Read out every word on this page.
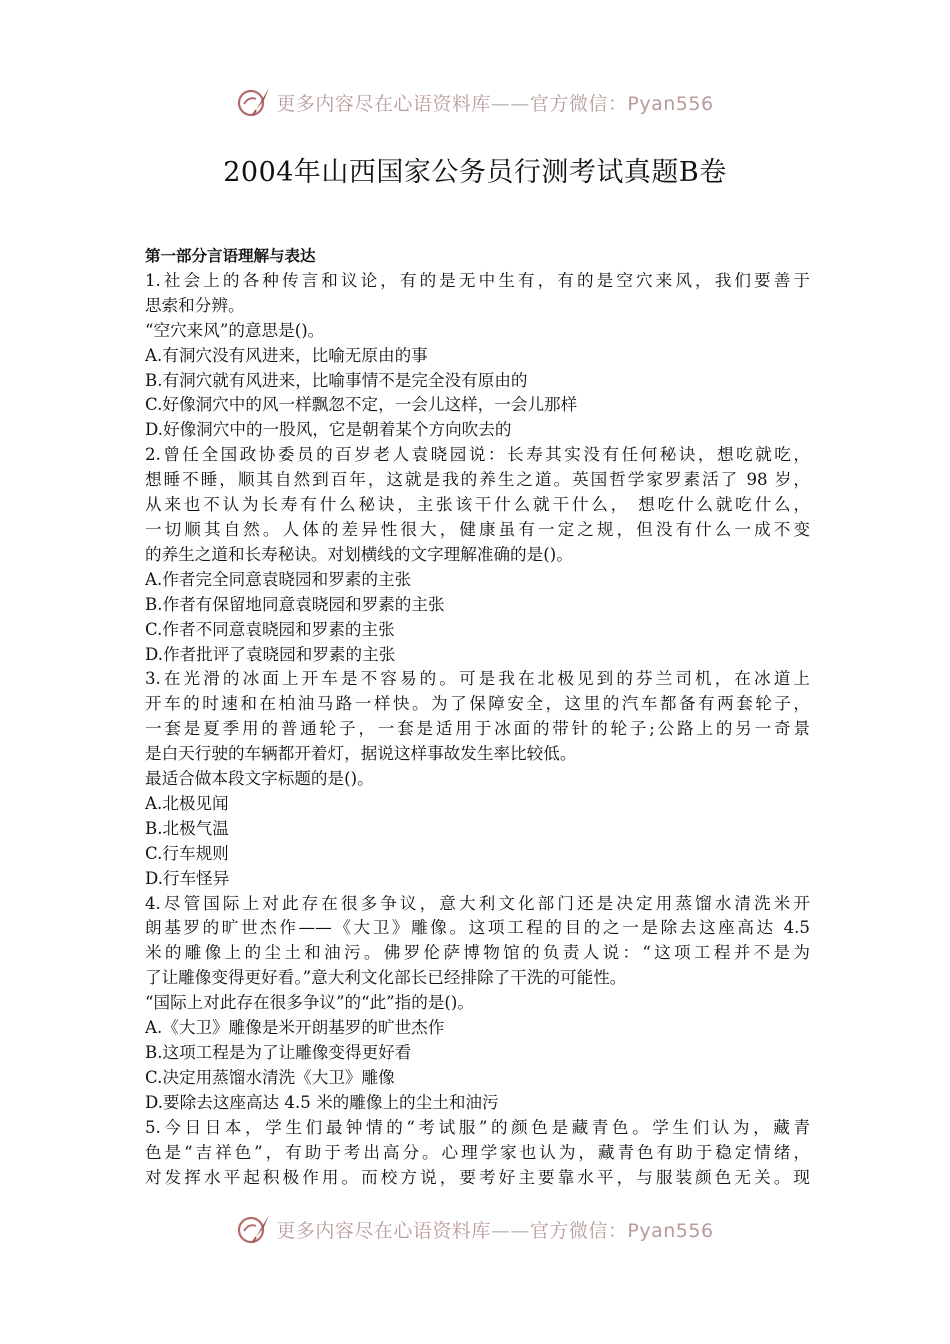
更多内容尽在心语资料库——官方微信：Pyan556
2004年山西国家公务员行测考试真题B卷
第一部分言语理解与表达
1.社会上的各种传言和议论，有的是无中生有，有的是空穴来风，我们要善于
思索和分辨。
“空穴来风”的意思是()。
A.有洞穴没有风进来，比喻无原由的事
B.有洞穴就有风进来，比喻事情不是完全没有原由的
C.好像洞穴中的风一样飘忽不定，一会儿这样，一会儿那样
D.好像洞穴中的一股风，它是朝着某个方向吹去的
2.曾任全国政协委员的百岁老人袁晓园说：长寿其实没有任何秘诀，想吃就吃，
想睡不睡，顺其自然到百年，这就是我的养生之道。英国哲学家罗素活了 98 岁，
从来也不认为长寿有什么秘诀，主张该干什么就干什么， 想吃什么就吃什么，
一切顺其自然。人体的差异性很大，健康虽有一定之规，但没有什么一成不变
的养生之道和长寿秘诀。对划横线的文字理解准确的是()。
A.作者完全同意袁晓园和罗素的主张
B.作者有保留地同意袁晓园和罗素的主张
C.作者不同意袁晓园和罗素的主张
D.作者批评了袁晓园和罗素的主张
3.在光滑的冰面上开车是不容易的。可是我在北极见到的芬兰司机，在冰道上
开车的时速和在柏油马路一样快。为了保障安全，这里的汽车都备有两套轮子，
一套是夏季用的普通轮子，一套是适用于冰面的带针的轮子;公路上的另一奇景
是白天行驶的车辆都开着灯，据说这样事故发生率比较低。
最适合做本段文字标题的是()。
A.北极见闻
B.北极气温
C.行车规则
D.行车怪异
4.尽管国际上对此存在很多争议，意大利文化部门还是决定用蒸馏水清洗米开
朗基罗的旷世杰作——《大卫》雕像。这项工程的目的之一是除去这座高达 4.5
米的雕像上的尘土和油污。佛罗伦萨博物馆的负责人说：“这项工程并不是为
了让雕像变得更好看。”意大利文化部长已经排除了干洗的可能性。
“国际上对此存在很多争议”的“此”指的是()。
A.《大卫》雕像是米开朗基罗的旷世杰作
B.这项工程是为了让雕像变得更好看
C.决定用蒸馏水清洗《大卫》雕像
D.要除去这座高达 4.5 米的雕像上的尘土和油污
5.今日日本，学生们最钟情的“考试服”的颜色是藏青色。学生们认为，藏青
色是“吉祥色”，有助于考出高分。心理学家也认为，藏青色有助于稳定情绪，
对发挥水平起积极作用。而校方说，要考好主要靠水平，与服装颜色无关。现
更多内容尽在心语资料库——官方微信：Pyan556
